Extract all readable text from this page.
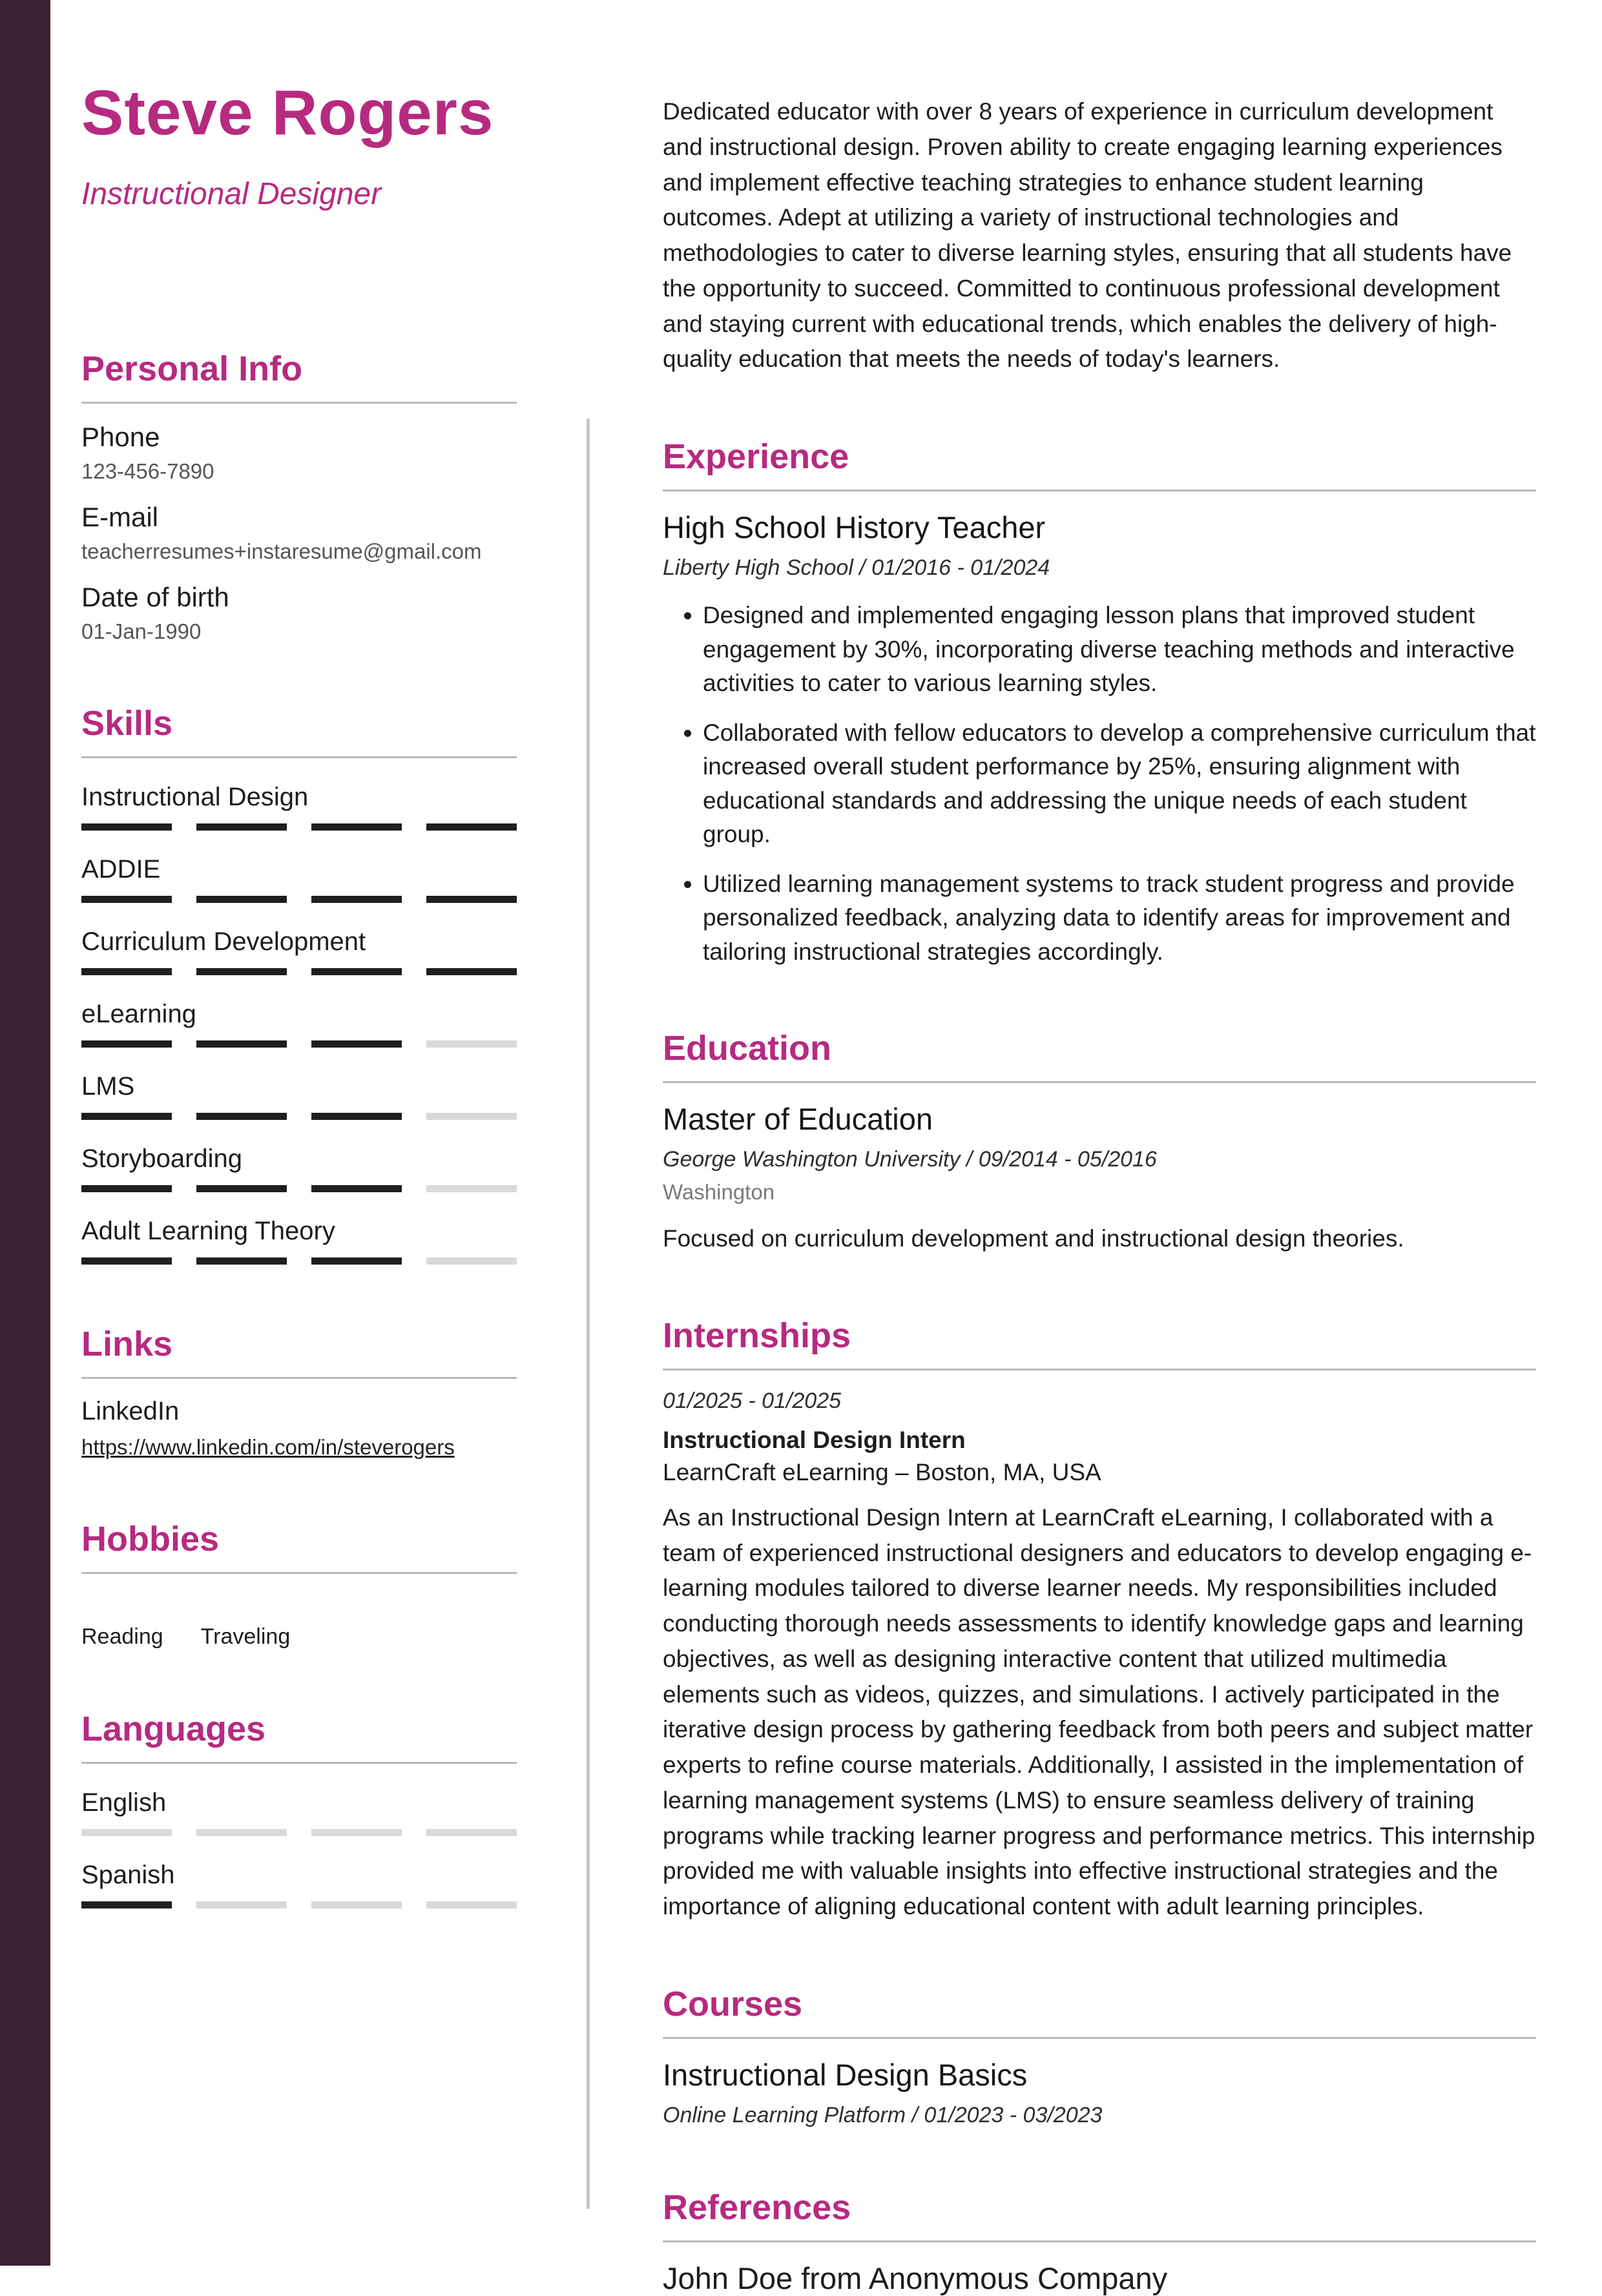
Steve Rogers
Instructional Designer
Personal Info
Phone
123-456-7890
E-mail
teacherresumes+instaresume@gmail.com
Date of birth
01-Jan-1990
Skills
Instructional Design
ADDIE
Curriculum Development
eLearning
LMS
Storyboarding
Adult Learning Theory
Links
LinkedIn
https://www.linkedin.com/in/steverogers
Hobbies
Reading Traveling
Languages
English
Spanish

Dedicated educator with over 8 years of experience in curriculum development and instructional design. Proven ability to create engaging learning experiences and implement effective teaching strategies to enhance student learning outcomes. Adept at utilizing a variety of instructional technologies and methodologies to cater to diverse learning styles, ensuring that all students have the opportunity to succeed. Committed to continuous professional development and staying current with educational trends, which enables the delivery of high-quality education that meets the needs of today's learners.

Experience
High School History Teacher
Liberty High School / 01/2016 - 01/2024
• Designed and implemented engaging lesson plans that improved student engagement by 30%, incorporating diverse teaching methods and interactive activities to cater to various learning styles.
• Collaborated with fellow educators to develop a comprehensive curriculum that increased overall student performance by 25%, ensuring alignment with educational standards and addressing the unique needs of each student group.
• Utilized learning management systems to track student progress and provide personalized feedback, analyzing data to identify areas for improvement and tailoring instructional strategies accordingly.
Education
Master of Education
George Washington University / 09/2014 - 05/2016
Washington
Focused on curriculum development and instructional design theories.
Internships
01/2025 - 01/2025
Instructional Design Intern
LearnCraft eLearning – Boston, MA, USA

As an Instructional Design Intern at LearnCraft eLearning, I collaborated with a team of experienced instructional designers and educators to develop engaging e-learning modules tailored to diverse learner needs. My responsibilities included conducting thorough needs assessments to identify knowledge gaps and learning objectives, as well as designing interactive content that utilized multimedia elements such as videos, quizzes, and simulations. I actively participated in the iterative design process by gathering feedback from both peers and subject matter experts to refine course materials. Additionally, I assisted in the implementation of learning management systems (LMS) to ensure seamless delivery of training programs while tracking learner progress and performance metrics. This internship provided me with valuable insights into effective instructional strategies and the importance of aligning educational content with adult learning principles.

Courses
Instructional Design Basics
Online Learning Platform / 01/2023 - 03/2023
References
John Doe from Anonymous Company
